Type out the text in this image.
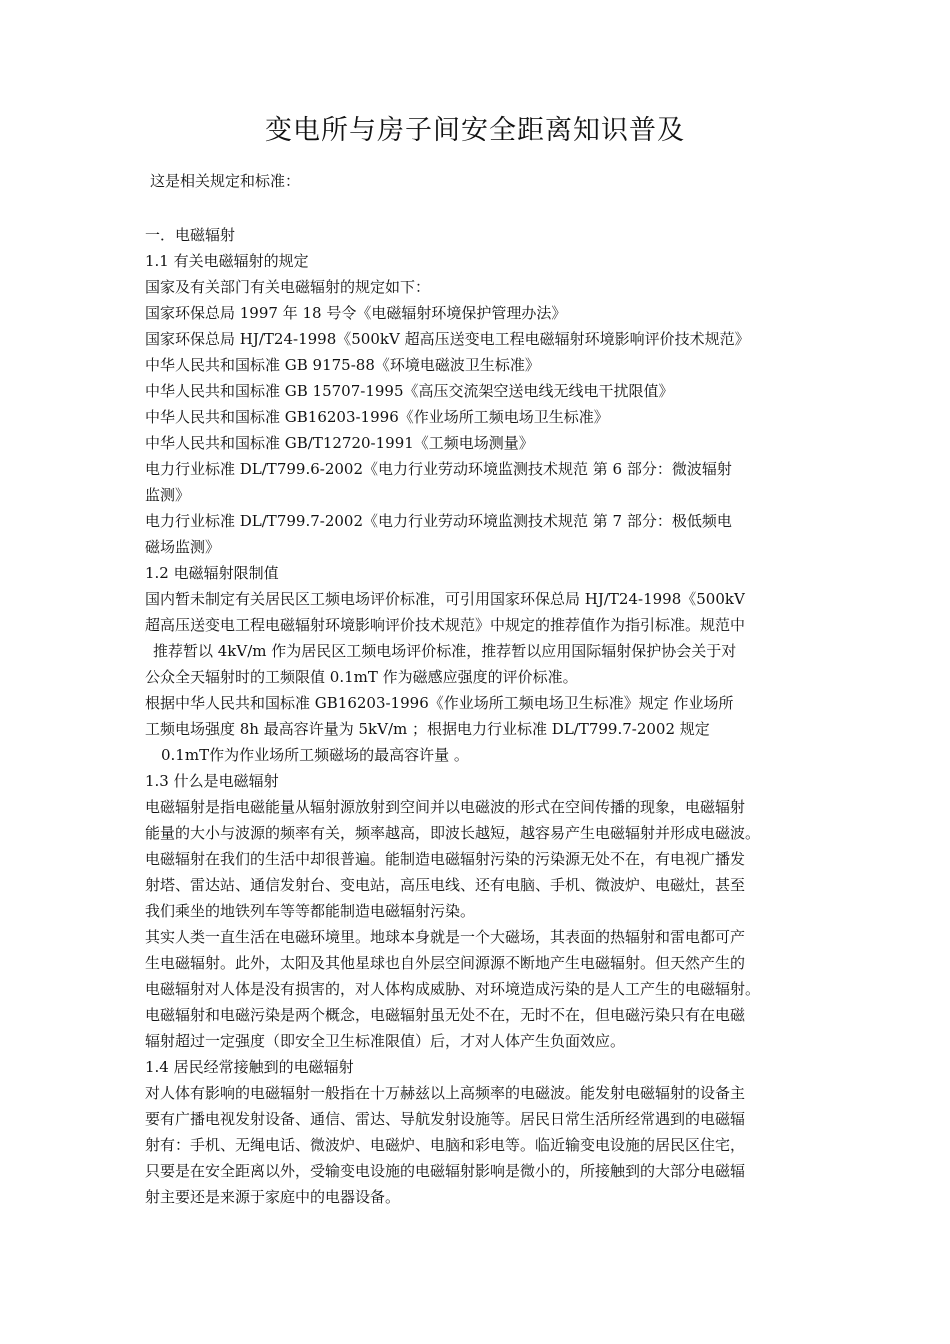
变电所与房子间安全距离知识普及
这是相关规定和标准：
一．电磁辐射
1.1 有关电磁辐射的规定
国家及有关部门有关电磁辐射的规定如下：
国家环保总局 1997 年 18 号令《电磁辐射环境保护管理办法》
国家环保总局 HJ/T24-1998《500kV 超高压送变电工程电磁辐射环境影响评价技术规范》
中华人民共和国标准 GB 9175-88《环境电磁波卫生标准》
中华人民共和国标准 GB 15707-1995《高压交流架空送电线无线电干扰限值》
中华人民共和国标准 GB16203-1996《作业场所工频电场卫生标准》
中华人民共和国标准 GB/T12720-1991《工频电场测量》
电力行业标准 DL/T799.6-2002《电力行业劳动环境监测技术规范 第 6 部分：微波辐射
监测》
电力行业标准 DL/T799.7-2002《电力行业劳动环境监测技术规范 第 7 部分：极低频电
磁场监测》
1.2 电磁辐射限制值
国内暂未制定有关居民区工频电场评价标准，可引用国家环保总局 HJ/T24-1998《500kV
超高压送变电工程电磁辐射环境影响评价技术规范》中规定的推荐值作为指引标准。规范中
推荐暂以 4kV/m 作为居民区工频电场评价标准，推荐暂以应用国际辐射保护协会关于对
公众全天辐射时的工频限值 0.1mT 作为磁感应强度的评价标准。
根据中华人民共和国标准 GB16203-1996《作业场所工频电场卫生标准》规定 作业场所
工频电场强度 8h 最高容许量为 5kV/m ；根据电力行业标准 DL/T799.7-2002 规定
0.1mT作为作业场所工频磁场的最高容许量 。
1.3 什么是电磁辐射
电磁辐射是指电磁能量从辐射源放射到空间并以电磁波的形式在空间传播的现象，电磁辐射
能量的大小与波源的频率有关，频率越高，即波长越短，越容易产生电磁辐射并形成电磁波。
电磁辐射在我们的生活中却很普遍。能制造电磁辐射污染的污染源无处不在，有电视广播发
射塔、雷达站、通信发射台、变电站，高压电线、还有电脑、手机、微波炉、电磁灶，甚至
我们乘坐的地铁列车等等都能制造电磁辐射污染。
其实人类一直生活在电磁环境里。地球本身就是一个大磁场，其表面的热辐射和雷电都可产
生电磁辐射。此外，太阳及其他星球也自外层空间源源不断地产生电磁辐射。但天然产生的
电磁辐射对人体是没有损害的，对人体构成威胁、对环境造成污染的是人工产生的电磁辐射。
电磁辐射和电磁污染是两个概念，电磁辐射虽无处不在，无时不在，但电磁污染只有在电磁
辐射超过一定强度（即安全卫生标准限值）后，才对人体产生负面效应。
1.4 居民经常接触到的电磁辐射
对人体有影响的电磁辐射一般指在十万赫兹以上高频率的电磁波。能发射电磁辐射的设备主
要有广播电视发射设备、通信、雷达、导航发射设施等。居民日常生活所经常遇到的电磁辐
射有：手机、无绳电话、微波炉、电磁炉、电脑和彩电等。临近输变电设施的居民区住宅，
只要是在安全距离以外，受输变电设施的电磁辐射影响是微小的，所接触到的大部分电磁辐
射主要还是来源于家庭中的电器设备。
